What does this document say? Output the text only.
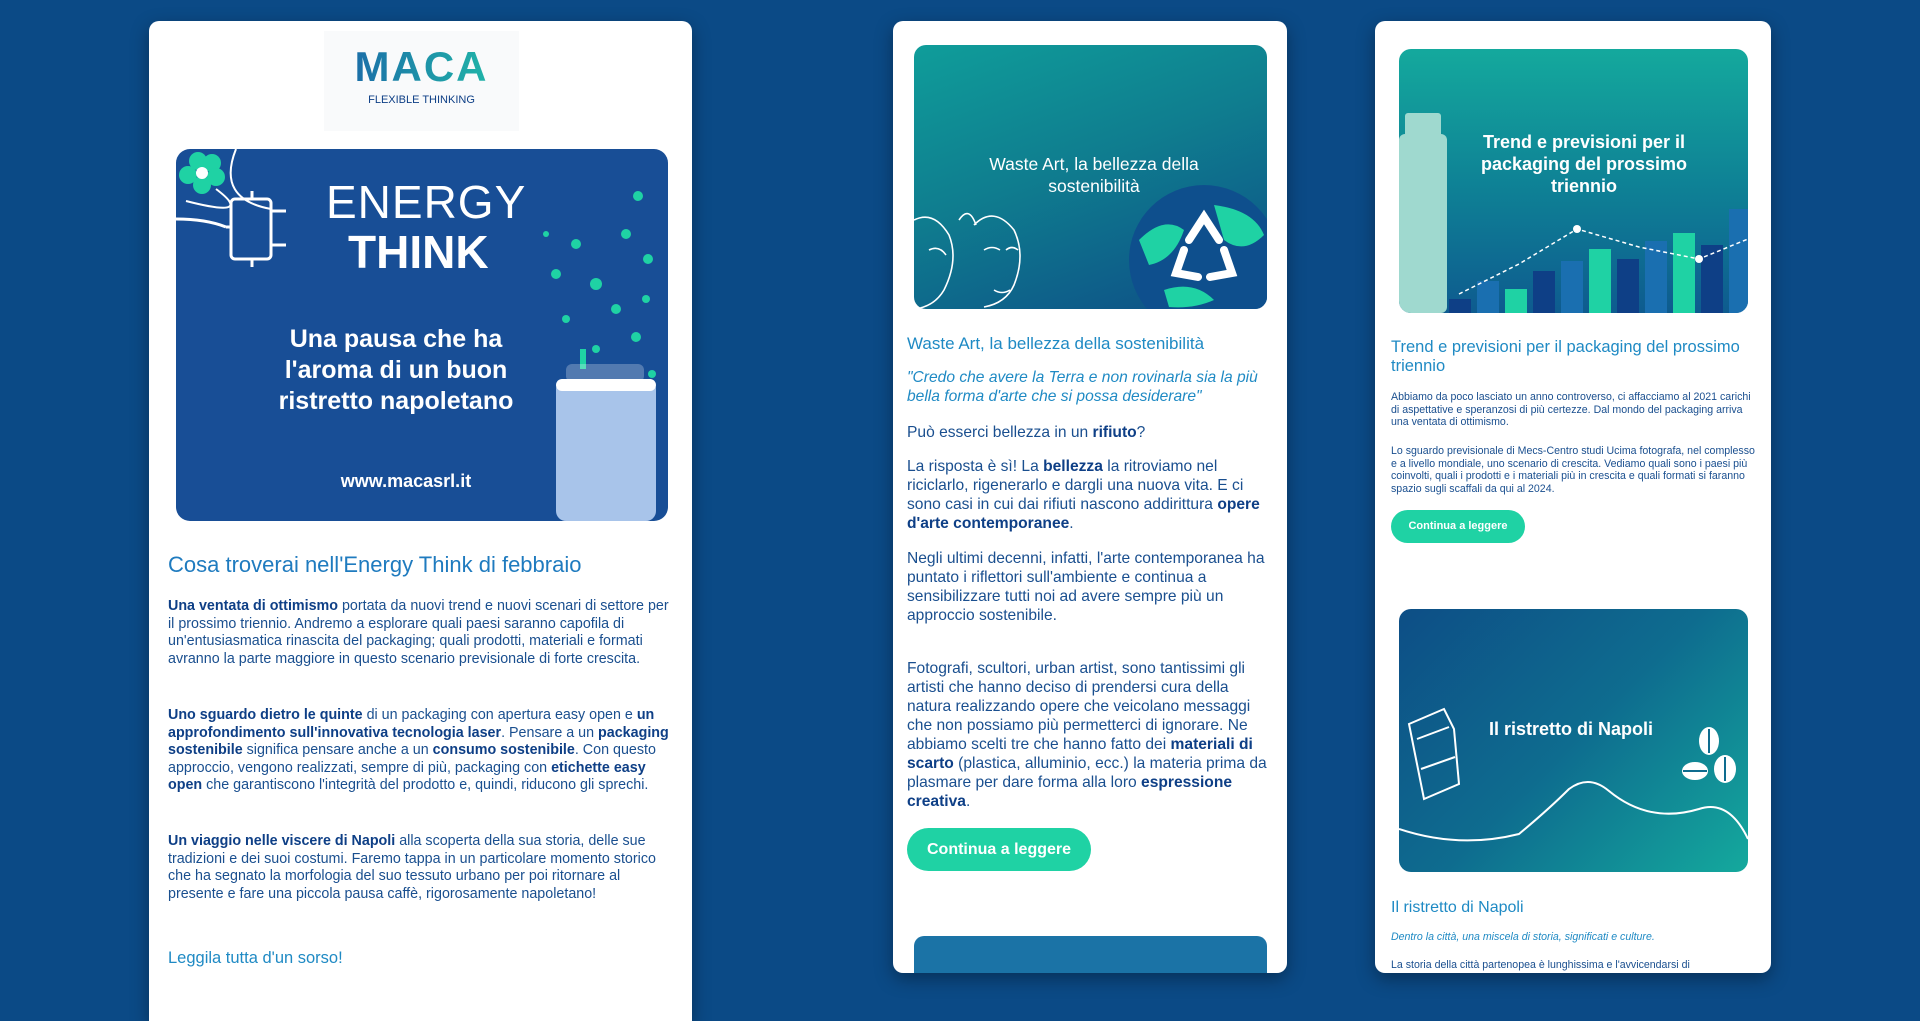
MACA
FLEXIBLE THINKING
ENERGY
THINK
Una pausa che ha l'aroma di un buon ristretto napoletano
www.macasrl.it
Cosa troverai nell'Energy Think di febbraio
Una ventata di ottimismo portata da nuovi trend e nuovi scenari di settore per il prossimo triennio. Andremo a esplorare quali paesi saranno capofila di un'entusiasmatica rinascita del packaging; quali prodotti, materiali e formati avranno la parte maggiore in questo scenario previsionale di forte crescita.
Uno sguardo dietro le quinte di un packaging con apertura easy open e un approfondimento sull'innovativa tecnologia laser. Pensare a un packaging sostenibile significa pensare anche a un consumo sostenibile. Con questo approccio, vengono realizzati, sempre di più, packaging con etichette easy open che garantiscono l'integrità del prodotto e, quindi, riducono gli sprechi.
Un viaggio nelle viscere di Napoli alla scoperta della sua storia, delle sue tradizioni e dei suoi costumi. Faremo tappa in un particolare momento storico che ha segnato la morfologia del suo tessuto urbano per poi ritornare al presente e fare una piccola pausa caffè, rigorosamente napoletano!
Leggila tutta d'un sorso!
Waste Art, la bellezza della sostenibilità
Waste Art, la bellezza della sostenibilità
"Credo che avere la Terra e non rovinarla sia la più bella forma d'arte che si possa desiderare"
Può esserci bellezza in un rifiuto?
La risposta è sì! La bellezza la ritroviamo nel riciclarlo, rigenerarlo e dargli una nuova vita. E ci sono casi in cui dai rifiuti nascono addirittura opere d'arte contemporanee.
Negli ultimi decenni, infatti, l'arte contemporanea ha puntato i riflettori sull'ambiente e continua a sensibilizzare tutti noi ad avere sempre più un approccio sostenibile.
Fotografi, scultori, urban artist, sono tantissimi gli artisti che hanno deciso di prendersi cura della natura realizzando opere che veicolano messaggi che non possiamo più permetterci di ignorare. Ne abbiamo scelti tre che hanno fatto dei materiali di scarto (plastica, alluminio, ecc.) la materia prima da plasmare per dare forma alla loro espressione creativa.
Continua a leggere
Trend e previsioni per il packaging del prossimo triennio
Trend e previsioni per il packaging del prossimo triennio
Abbiamo da poco lasciato un anno controverso, ci affacciamo al 2021 carichi di aspettative e speranzosi di più certezze. Dal mondo del packaging arriva una ventata di ottimismo.
Lo sguardo previsionale di Mecs-Centro studi Ucima fotografa, nel complesso e a livello mondiale, uno scenario di crescita. Vediamo quali sono i paesi più coinvolti, quali i prodotti e i materiali più in crescita e quali formati si faranno spazio sugli scaffali da qui al 2024.
Continua a leggere
Il ristretto di Napoli
Il ristretto di Napoli
Dentro la città, una miscela di storia, significati e culture.
La storia della città partenopea è lunghissima e l'avvicendarsi di
